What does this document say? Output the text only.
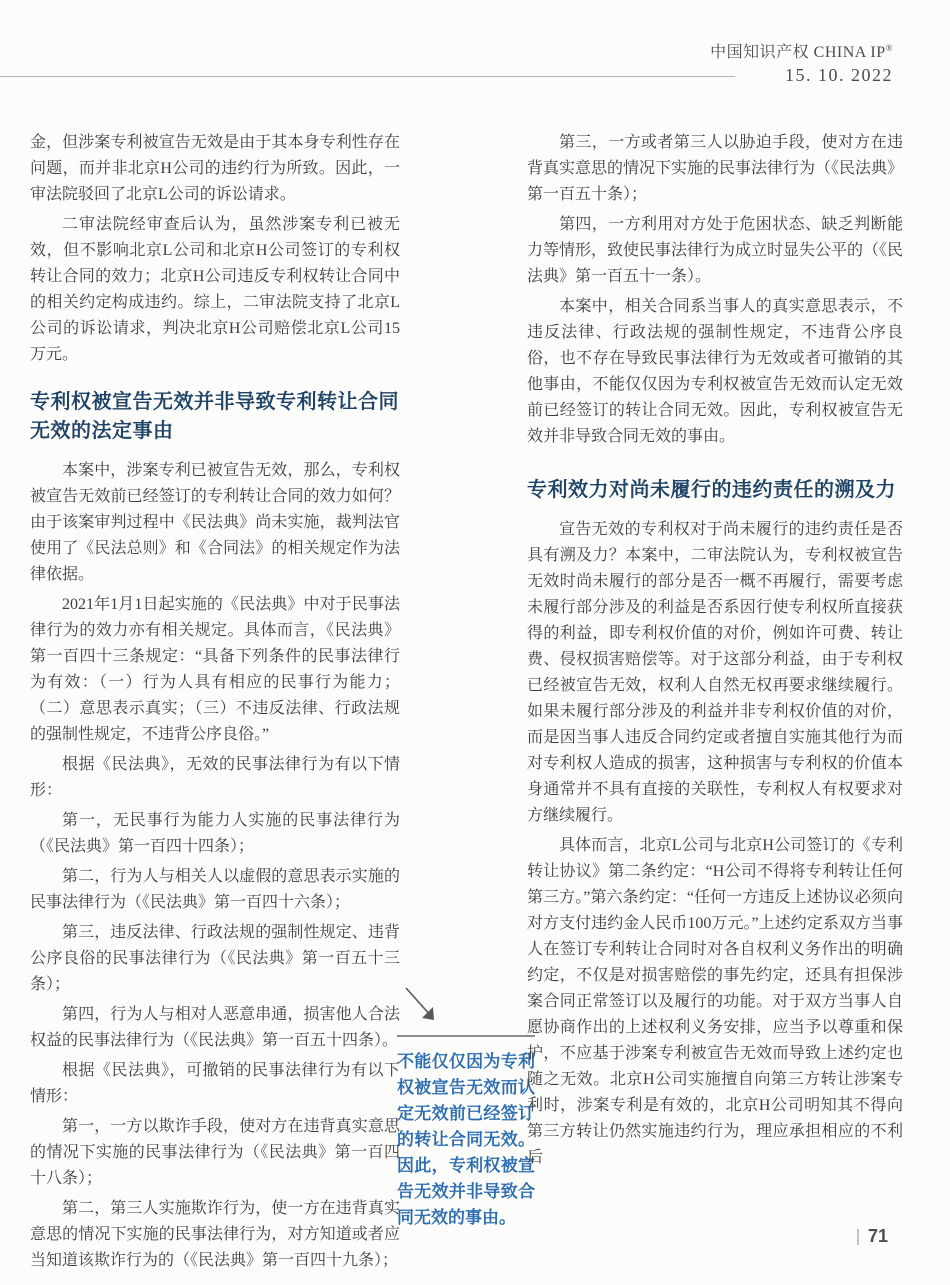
中国知识产权 CHINA IP®
15. 10. 2022

金，但涉案专利被宣告无效是由于其本身专利性存在问题，而并非北京H公司的违约行为所致。因此，一审法院驳回了北京L公司的诉讼请求。

二审法院经审查后认为，虽然涉案专利已被无效，但不影响北京L公司和北京H公司签订的专利权转让合同的效力；北京H公司违反专利权转让合同中的相关约定构成违约。综上，二审法院支持了北京L公司的诉讼请求，判决北京H公司赔偿北京L公司15万元。

专利权被宣告无效并非导致专利转让合同无效的法定事由

本案中，涉案专利已被宣告无效，那么，专利权被宣告无效前已经签订的专利转让合同的效力如何？由于该案审判过程中《民法典》尚未实施，裁判法官使用了《民法总则》和《合同法》的相关规定作为法律依据。

2021年1月1日起实施的《民法典》中对于民事法律行为的效力亦有相关规定。具体而言，《民法典》第一百四十三条规定：“具备下列条件的民事法律行为有效：（一）行为人具有相应的民事行为能力；（二）意思表示真实；（三）不违反法律、行政法规的强制性规定，不违背公序良俗。”

根据《民法典》，无效的民事法律行为有以下情形：

第一，无民事行为能力人实施的民事法律行为（《民法典》第一百四十四条）；

第二，行为人与相关人以虚假的意思表示实施的民事法律行为（《民法典》第一百四十六条）；

第三，违反法律、行政法规的强制性规定、违背公序良俗的民事法律行为（《民法典》第一百五十三条）；

第四，行为人与相对人恶意串通，损害他人合法权益的民事法律行为（《民法典》第一百五十四条）。

根据《民法典》，可撤销的民事法律行为有以下情形：

第一，一方以欺诈手段，使对方在违背真实意思的情况下实施的民事法律行为（《民法典》第一百四十八条）；

第二，第三人实施欺诈行为，使一方在违背真实意思的情况下实施的民事法律行为，对方知道或者应当知道该欺诈行为的（《民法典》第一百四十九条）；

不能仅仅因为专利权被宣告无效而认定无效前已经签订的转让合同无效。因此，专利权被宣告无效并非导致合同无效的事由。

第三，一方或者第三人以胁迫手段，使对方在违背真实意思的情况下实施的民事法律行为（《民法典》第一百五十条）；

第四，一方利用对方处于危困状态、缺乏判断能力等情形，致使民事法律行为成立时显失公平的（《民法典》第一百五十一条）。

本案中，相关合同系当事人的真实意思表示，不违反法律、行政法规的强制性规定，不违背公序良俗，也不存在导致民事法律行为无效或者可撤销的其他事由，不能仅仅因为专利权被宣告无效而认定无效前已经签订的转让合同无效。因此，专利权被宣告无效并非导致合同无效的事由。

专利效力对尚未履行的违约责任的溯及力

宣告无效的专利权对于尚未履行的违约责任是否具有溯及力？本案中，二审法院认为，专利权被宣告无效时尚未履行的部分是否一概不再履行，需要考虑未履行部分涉及的利益是否系因行使专利权所直接获得的利益，即专利权价值的对价，例如许可费、转让费、侵权损害赔偿等。对于这部分利益，由于专利权已经被宣告无效，权利人自然无权再要求继续履行。如果未履行部分涉及的利益并非专利权价值的对价，而是因当事人违反合同约定或者擅自实施其他行为而对专利权人造成的损害，这种损害与专利权的价值本身通常并不具有直接的关联性，专利权人有权要求对方继续履行。

具体而言，北京L公司与北京H公司签订的《专利转让协议》第二条约定：“H公司不得将专利转让任何第三方。”第六条约定：“任何一方违反上述协议必须向对方支付违约金人民币100万元。”上述约定系双方当事人在签订专利转让合同时对各自权利义务作出的明确约定，不仅是对损害赔偿的事先约定，还具有担保涉案合同正常签订以及履行的功能。对于双方当事人自愿协商作出的上述权利义务安排，应当予以尊重和保护，不应基于涉案专利被宣告无效而导致上述约定也随之无效。北京H公司实施擅自向第三方转让涉案专利时，涉案专利是有效的，北京H公司明知其不得向第三方转让仍然实施违约行为，理应承担相应的不利后

71
